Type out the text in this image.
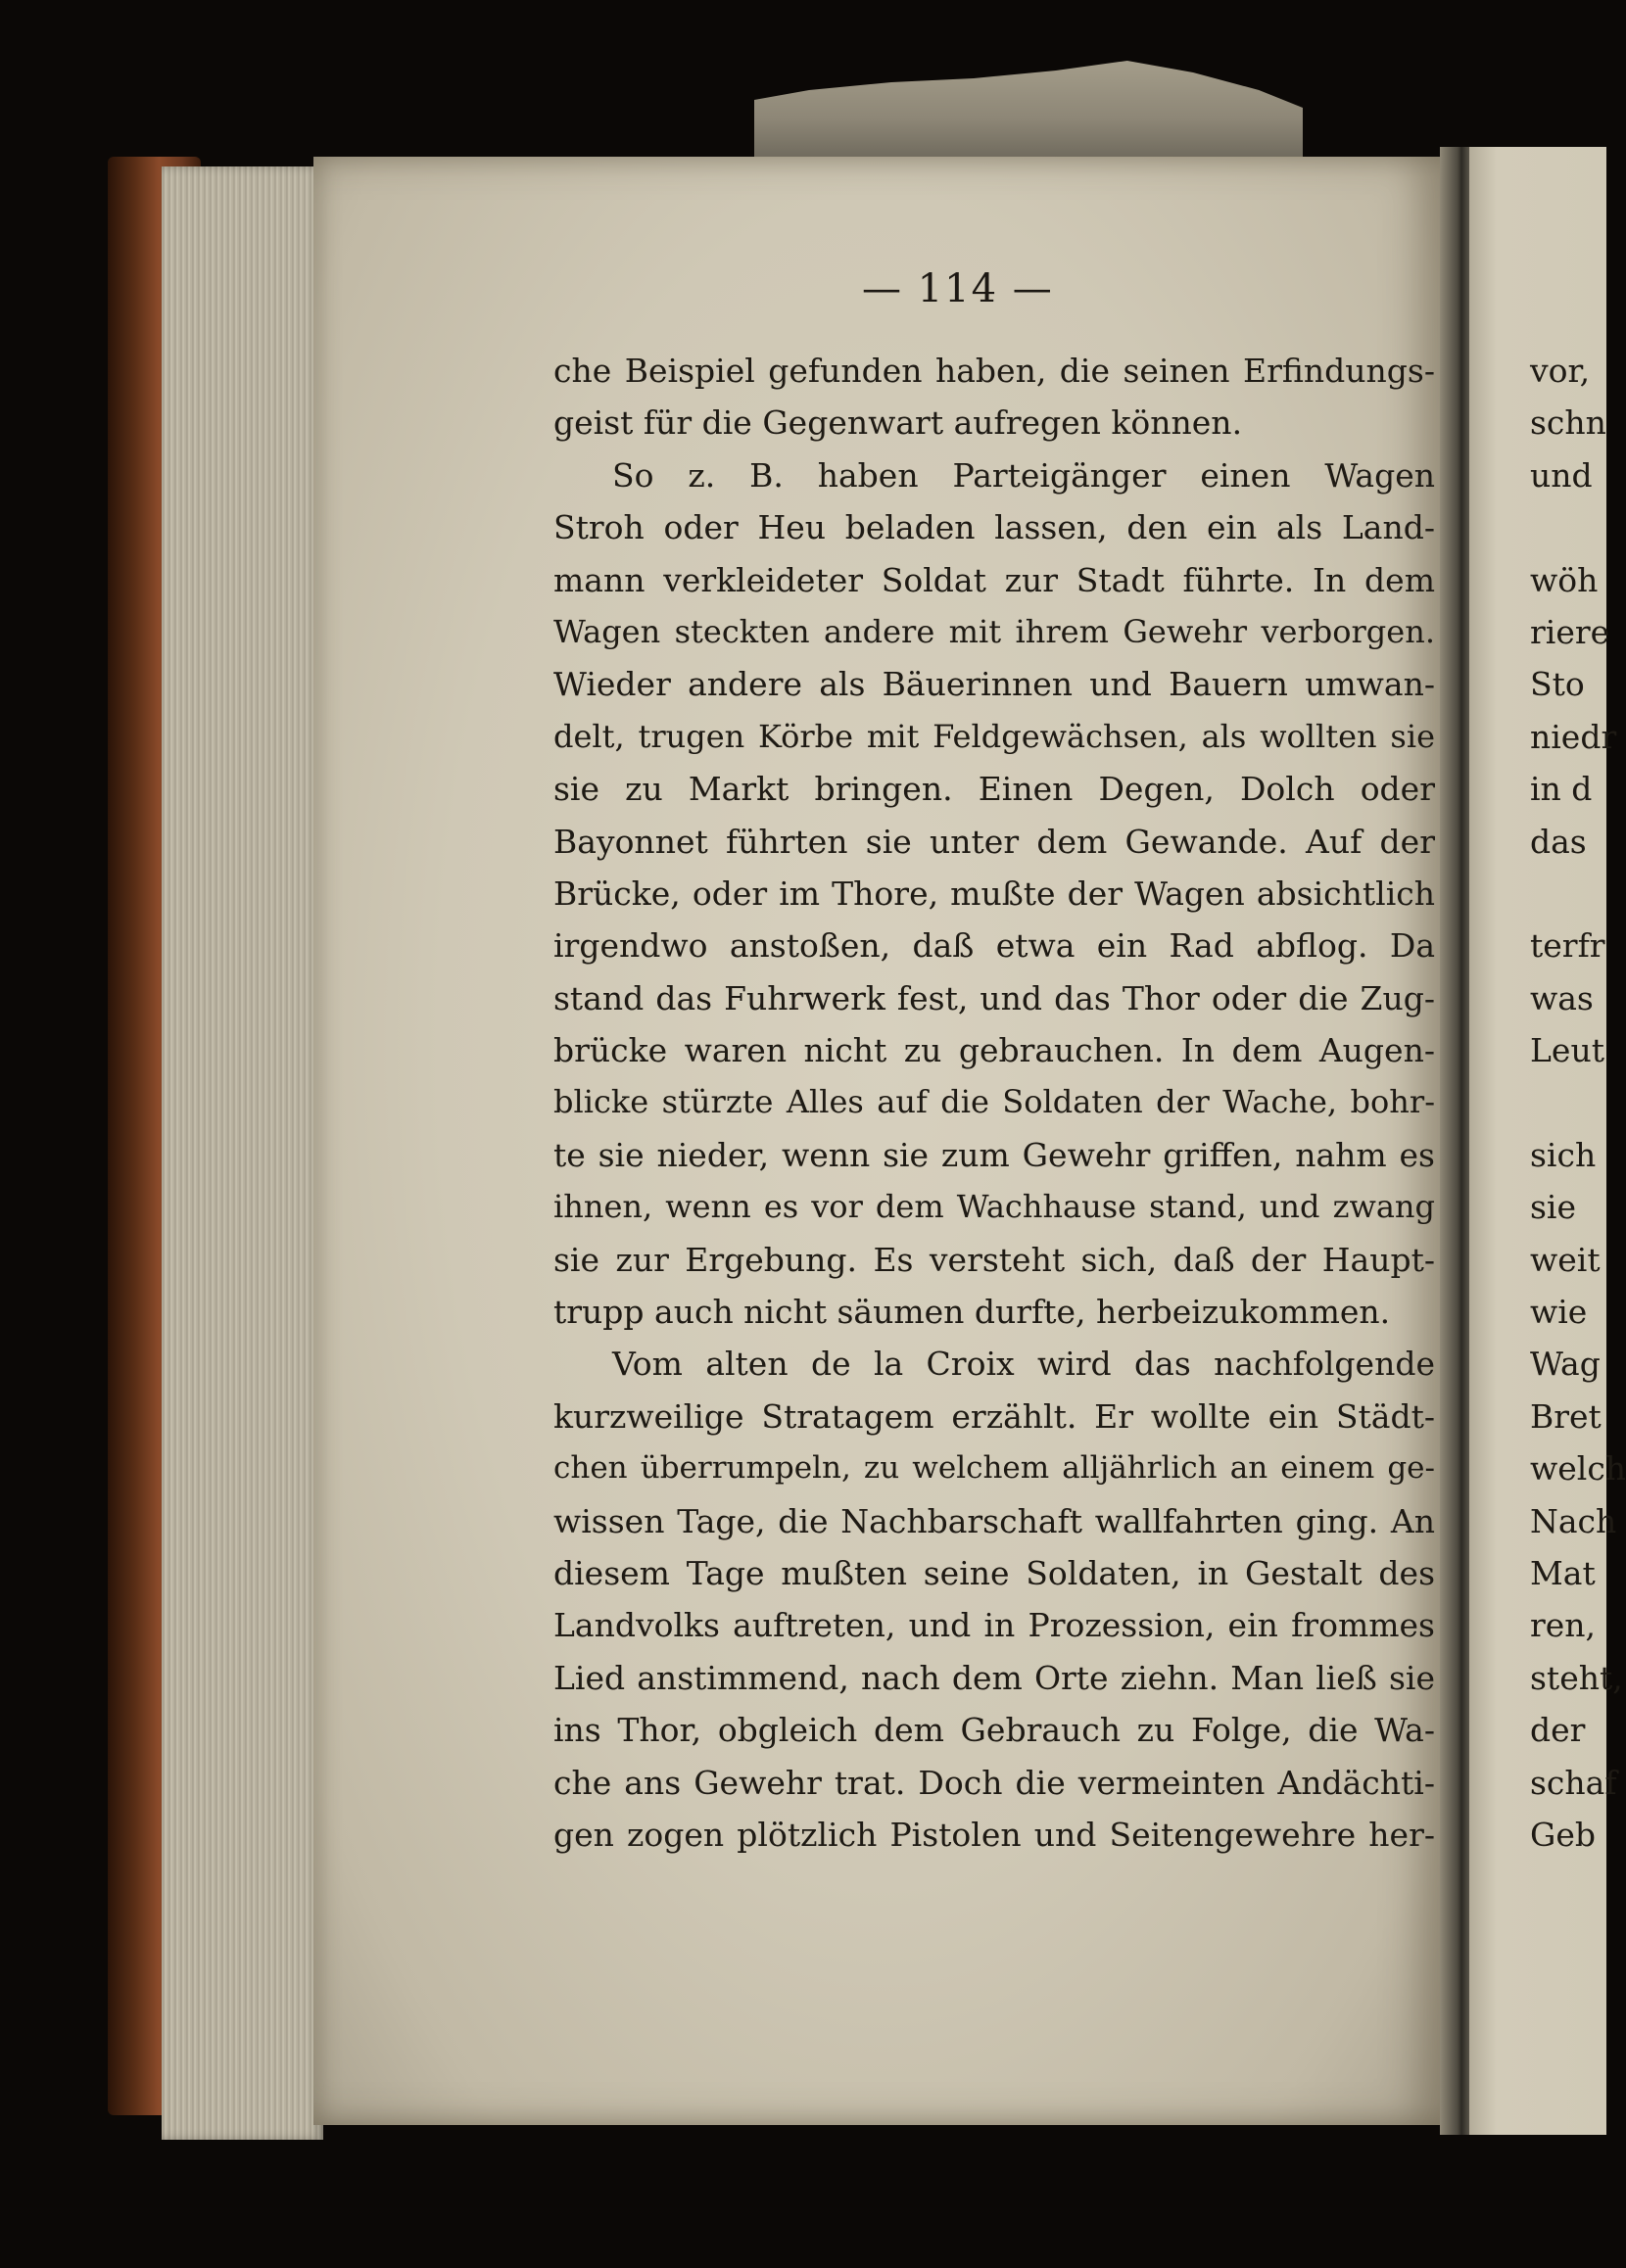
— 114 —
che Beispiel gefunden haben, die seinen Erfindungs-
geist für die Gegenwart aufregen können.
So z. B. haben Parteigänger einen Wagen
Stroh oder Heu beladen lassen, den ein als Land-
mann verkleideter Soldat zur Stadt führte. In dem
Wagen steckten andere mit ihrem Gewehr verborgen.
Wieder andere als Bäuerinnen und Bauern umwan-
delt, trugen Körbe mit Feldgewächsen, als wollten sie
sie zu Markt bringen. Einen Degen, Dolch oder
Bayonnet führten sie unter dem Gewande. Auf der
Brücke, oder im Thore, mußte der Wagen absichtlich
irgendwo anstoßen, daß etwa ein Rad abflog. Da
stand das Fuhrwerk fest, und das Thor oder die Zug-
brücke waren nicht zu gebrauchen. In dem Augen-
blicke stürzte Alles auf die Soldaten der Wache, bohr-
te sie nieder, wenn sie zum Gewehr griffen, nahm es
ihnen, wenn es vor dem Wachhause stand, und zwang
sie zur Ergebung. Es versteht sich, daß der Haupt-
trupp auch nicht säumen durfte, herbeizukommen.
Vom alten de la Croix wird das nachfolgende
kurzweilige Stratagem erzählt. Er wollte ein Städt-
chen überrumpeln, zu welchem alljährlich an einem ge-
wissen Tage, die Nachbarschaft wallfahrten ging. An
diesem Tage mußten seine Soldaten, in Gestalt des
Landvolks auftreten, und in Prozession, ein frommes
Lied anstimmend, nach dem Orte ziehn. Man ließ sie
ins Thor, obgleich dem Gebrauch zu Folge, die Wa-
che ans Gewehr trat. Doch die vermeinten Andächti-
gen zogen plötzlich Pistolen und Seitengewehre her-
vor,
schn
und
wöh
riere
Sto
niedr
in d
das
terfr
was
Leut
sich
sie
weit
wie
Wag
Bret
welch
Nach
Mat
ren,
steht,
der
schaf
Geb
